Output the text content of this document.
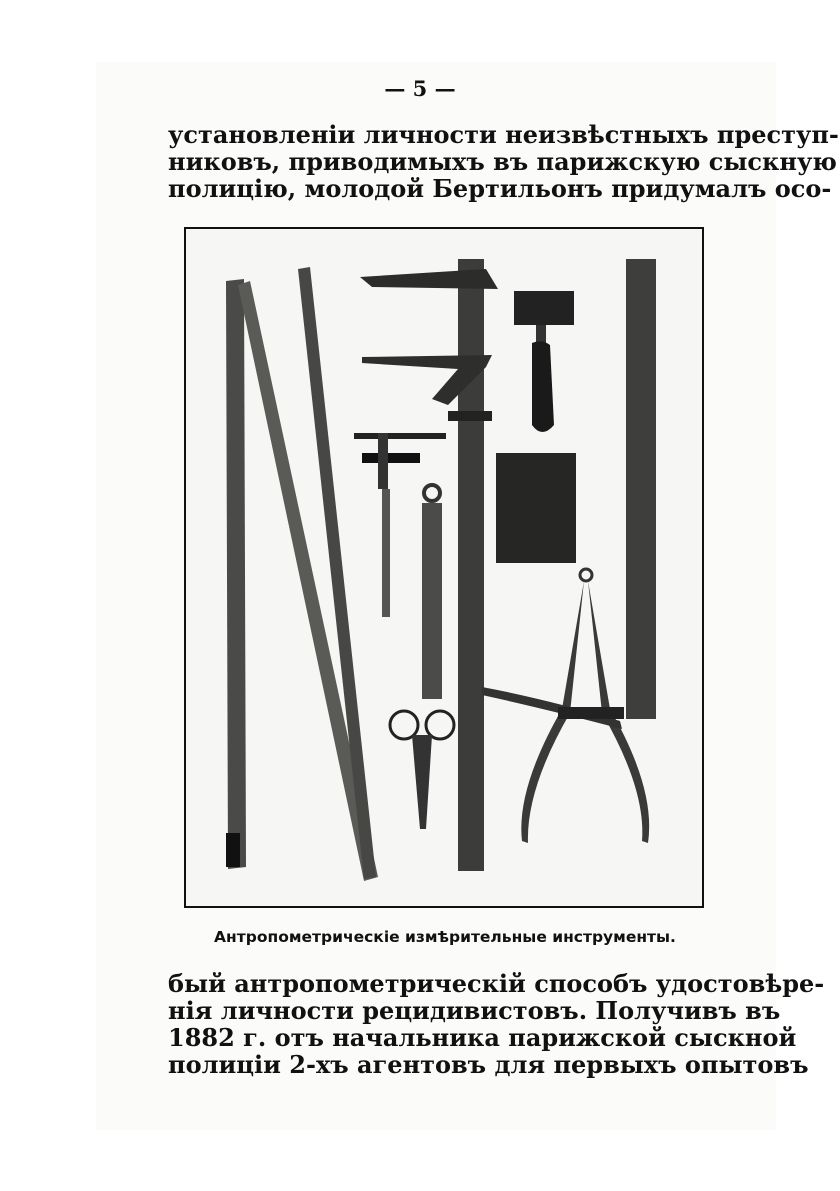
— 5 —
установленіи личности неизвѣстныхъ преступ-
никовъ, приводимыхъ въ парижскую сыскную
полицію, молодой Бертильонъ придумалъ осо-
Антропометрическіе измѣрительные инструменты.
бый антропометрическій способъ удостовѣре-
нія личности рецидивистовъ. Получивъ въ
1882 г. отъ начальника парижской сыскной
полиціи 2-хъ агентовъ для первыхъ опытовъ
